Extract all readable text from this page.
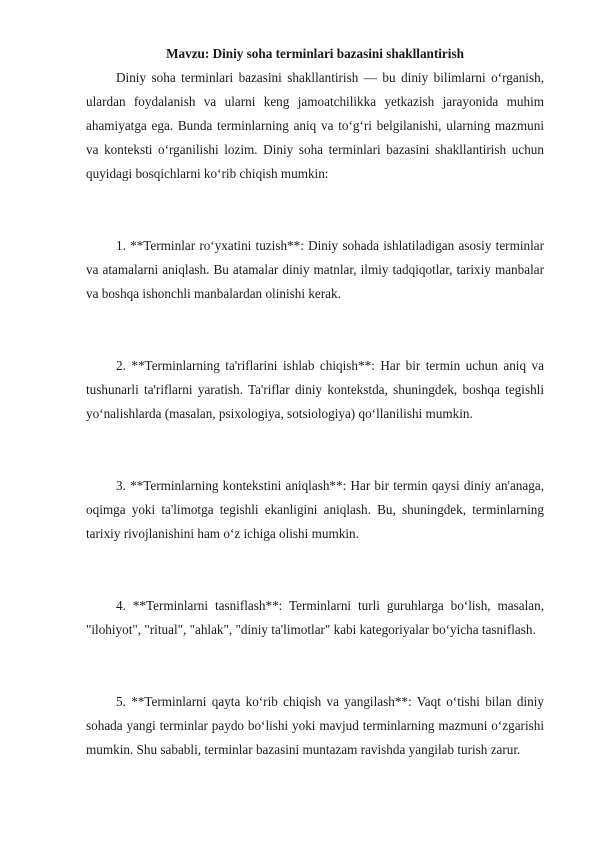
Mavzu: Diniy soha terminlari bazasini shakllantirish

Diniy soha terminlari bazasini shakllantirish — bu diniy bilimlarni o‘rganish, ulardan foydalanish va ularni keng jamoatchilikka yetkazish jarayonida muhim ahamiyatga ega. Bunda terminlarning aniq va to‘g‘ri belgilanishi, ularning mazmuni va konteksti o‘rganilishi lozim. Diniy soha terminlari bazasini shakllantirish uchun quyidagi bosqichlarni ko‘rib chiqish mumkin:

1. **Terminlar ro‘yxatini tuzish**: Diniy sohada ishlatiladigan asosiy terminlar va atamalarni aniqlash. Bu atamalar diniy matnlar, ilmiy tadqiqotlar, tarixiy manbalar va boshqa ishonchli manbalardan olinishi kerak.

2. **Terminlarning ta'riflarini ishlab chiqish**: Har bir termin uchun aniq va tushunarli ta'riflarni yaratish. Ta'riflar diniy kontekstda, shuningdek, boshqa tegishli yo‘nalishlarda (masalan, psixologiya, sotsiologiya) qo‘llanilishi mumkin.

3. **Terminlarning kontekstini aniqlash**: Har bir termin qaysi diniy an'anaga, oqimga yoki ta'limotga tegishli ekanligini aniqlash. Bu, shuningdek, terminlarning tarixiy rivojlanishini ham o‘z ichiga olishi mumkin.

4. **Terminlarni tasniflash**: Terminlarni turli guruhlarga bo‘lish, masalan, "ilohiyot", "ritual", "ahlak", "diniy ta'limotlar" kabi kategoriyalar bo‘yicha tasniflash.

5. **Terminlarni qayta ko‘rib chiqish va yangilash**: Vaqt o‘tishi bilan diniy sohada yangi terminlar paydo bo‘lishi yoki mavjud terminlarning mazmuni o‘zgarishi mumkin. Shu sababli, terminlar bazasini muntazam ravishda yangilab turish zarur.
